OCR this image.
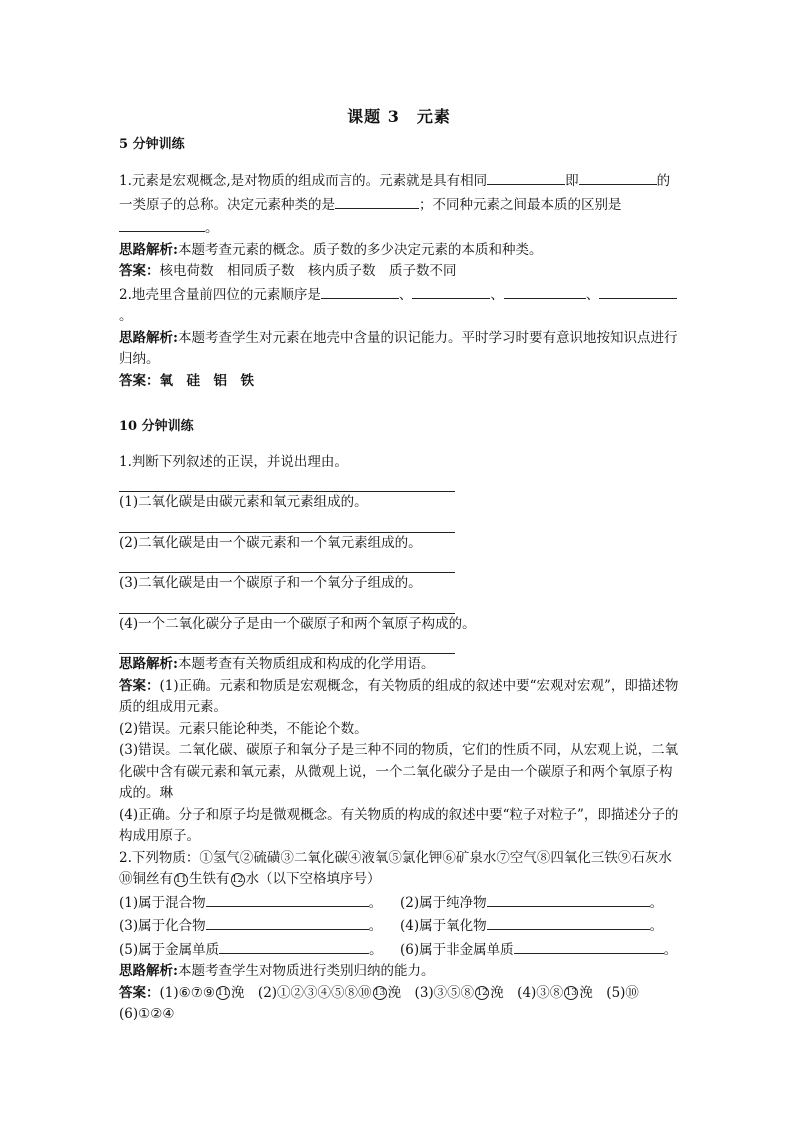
课题 3　元素
5 分钟训练

1.元素是宏观概念,是对物质的组成而言的。元素就是具有相同	即	的一类原子的总称。决定元素种类的是	；不同种元素之间最本质的区别是。

思路解析:本题考查元素的概念。质子数的多少决定元素的本质和种类。

答案：核电荷数　相同质子数　核内质子数　质子数不同

2.地壳里含量前四位的元素顺序是	、	、	、。

思路解析:本题考查学生对元素在地壳中含量的识记能力。平时学习时要有意识地按知识点进行归纳。

答案：氧　硅　铝　铁

10 分钟训练

1.判断下列叙述的正误，并说出理由。

(1)二氧化碳是由碳元素和氧元素组成的。

(2)二氧化碳是由一个碳元素和一个氧元素组成的。

(3)二氧化碳是由一个碳原子和一个氧分子组成的。

(4)一个二氧化碳分子是由一个碳原子和两个氧原子构成的。

思路解析:本题考查有关物质组成和构成的化学用语。

答案：(1)正确。元素和物质是宏观概念，有关物质的组成的叙述中要“宏观对宏观”，即描述物质的组成用元素。

(2)错误。元素只能论种类，不能论个数。

(3)错误。二氧化碳、碳原子和氧分子是三种不同的物质，它们的性质不同，从宏观上说，二氧化碳中含有碳元素和氧元素，从微观上说，一个二氧化碳分子是由一个碳原子和两个氧原子构成的。琳

(4)正确。分子和原子均是微观概念。有关物质的构成的叙述中要“粒子对粒子”，即描述分子的构成用原子。

2.下列物质：①氢气②硫磺③二氧化碳④液氧⑤氯化钾⑥矿泉水⑦空气⑧四氧化三铁⑨石灰水⑩铜丝有 11 生铁有 12 水（以下空格填序号）

(1)属于混合物	。	(2)属于纯净物	。
(3)属于化合物	。	(4)属于氧化物	。
(5)属于金属单质	。	(6)属于非金属单质	。

思路解析:本题考查学生对物质进行类别归纳的能力。

答案：(1)⑥⑦⑨ 11 浼　(2)①②③④⑤⑧⑩ 13 浼　(3)③⑤⑧ 12 浼　(4)③⑧ 13 浼　(5)⑩

(6)①②④
